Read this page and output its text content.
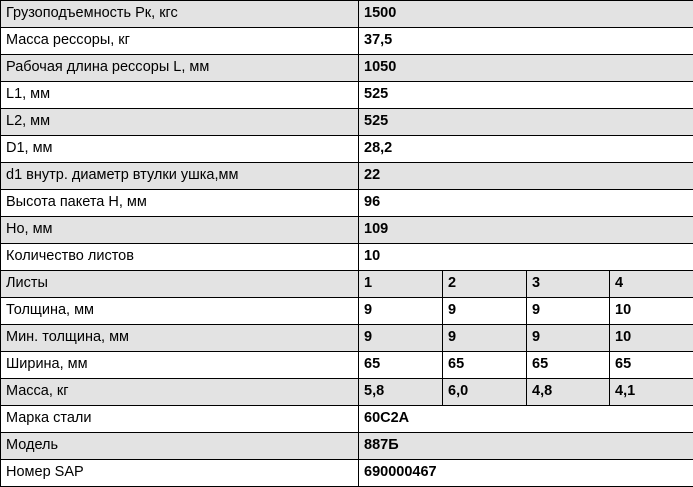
Грузоподъемность Рк, кгс	1500			
Масса рессоры, кг	37,5			
Рабочая длина рессоры L, мм	1050			
L1, мм	525			
L2, мм	525			
D1, мм	28,2			
d1 внутр. диаметр втулки ушка,мм	22			
Высота пакета Н, мм	96			
Но, мм	109			
Количество листов	10			
Листы	1	2	3	4
Толщина, мм	9	9	9	10
Мин. толщина, мм	9	9	9	10
Ширина, мм	65	65	65	65
Масса, кг	5,8	6,0	4,8	4,1
Марка стали	60С2А			
Модель	887Б			
Номер SAP	690000467			
